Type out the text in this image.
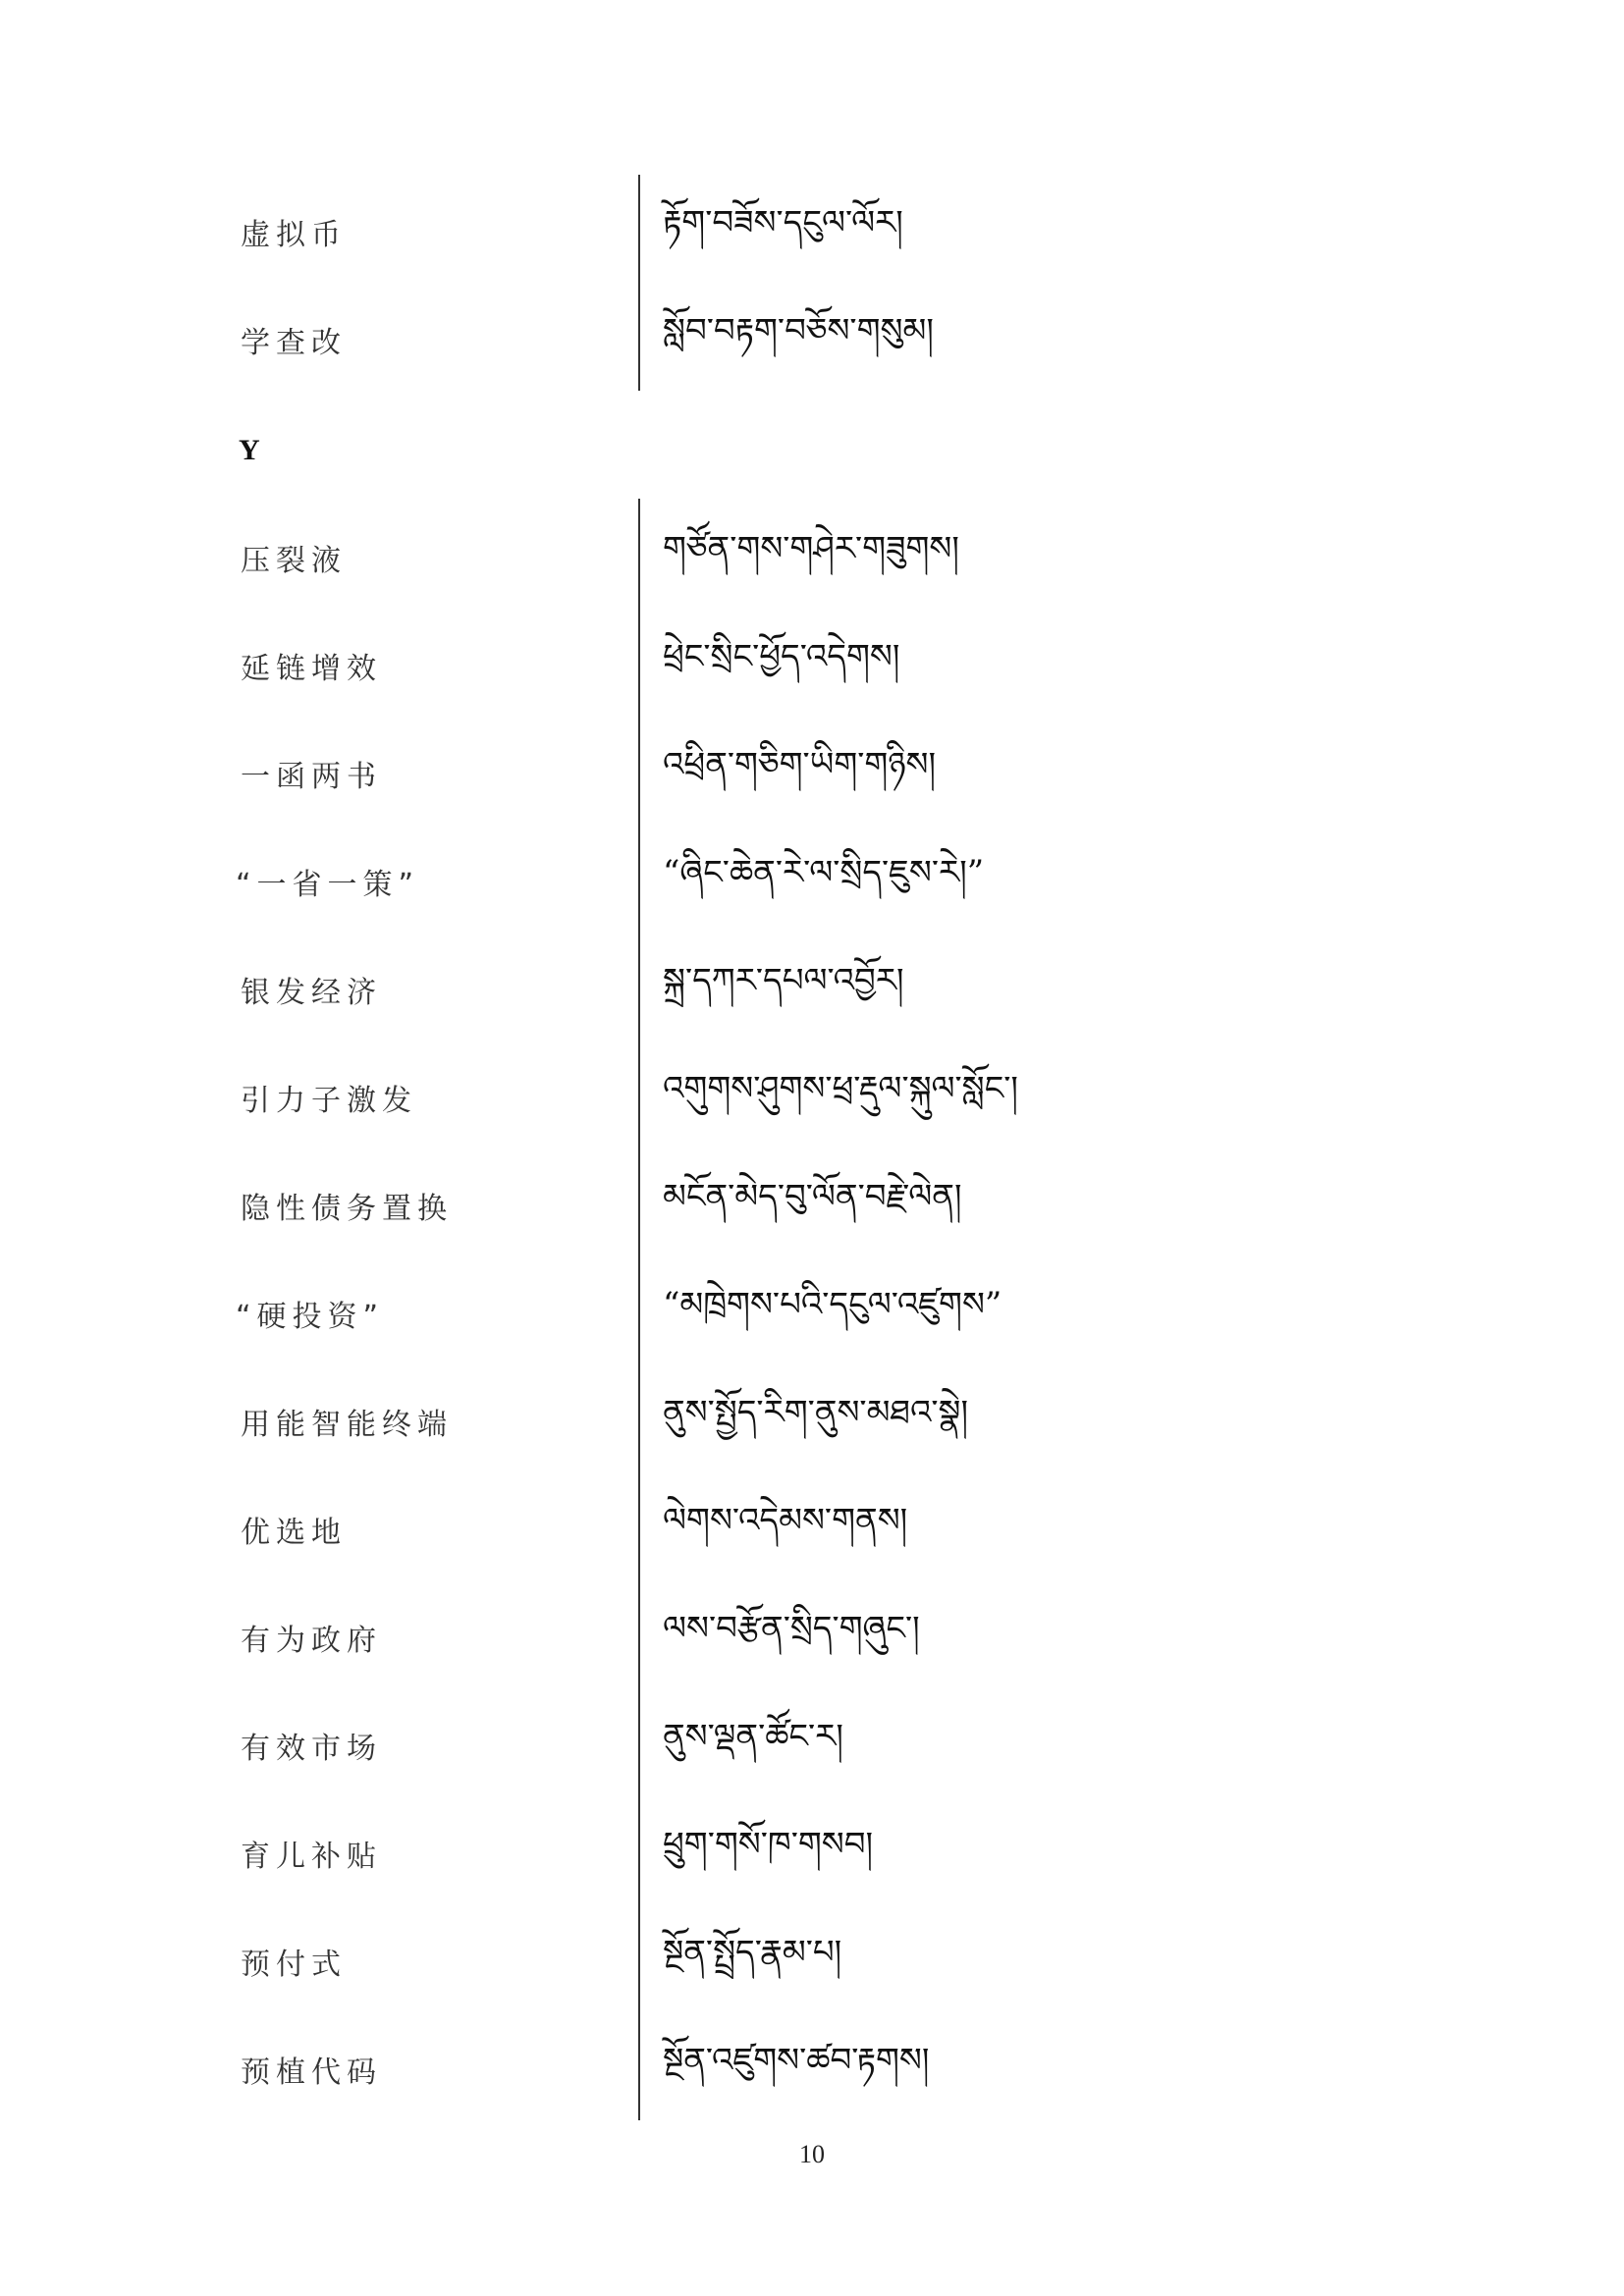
虚拟币	རྟོག་བཟོས་དངུལ་ལོར།
学查改	སློབ་བརྟག་བཅོས་གསུམ།
Y
压裂液	གཙོན་གས་གཤེར་གཟུགས།
延链增效	ཕྲེང་སྲིང་ཕྱོད་འདེགས།
一函两书	འཕྲིན་གཅིག་ཡིག་གཉིས།
“一省一策”	“ཞིང་ཆེན་རེ་ལ་སྲིད་ཇུས་རེ།”
银发经济	སྐྲ་དཀར་དཔལ་འབྱོར།
引力子激发	འགུགས་ཤུགས་ཕྲ་རྡུལ་སྐུལ་སློང་།
隐性债务置换	མངོན་མེད་བུ་ལོན་བརྗེ་ལེན།
“硬投资”	“མཁྲེགས་པའི་དངུལ་འཛུགས”
用能智能终端	ནུས་སྤྱོད་རིག་ནུས་མཐའ་སྣེ།
优选地	ལེགས་འདེམས་གནས།
有为政府	ལས་བརྩོན་སྲིད་གཞུང་།
有效市场	ནུས་ལྡན་ཚོང་ར།
育儿补贴	ཕྲུག་གསོ་ཁ་གསབ།
预付式	སྔོན་སྤྲོད་རྣམ་པ།
预植代码	སྔོན་འཛུགས་ཚབ་རྟགས།
10
